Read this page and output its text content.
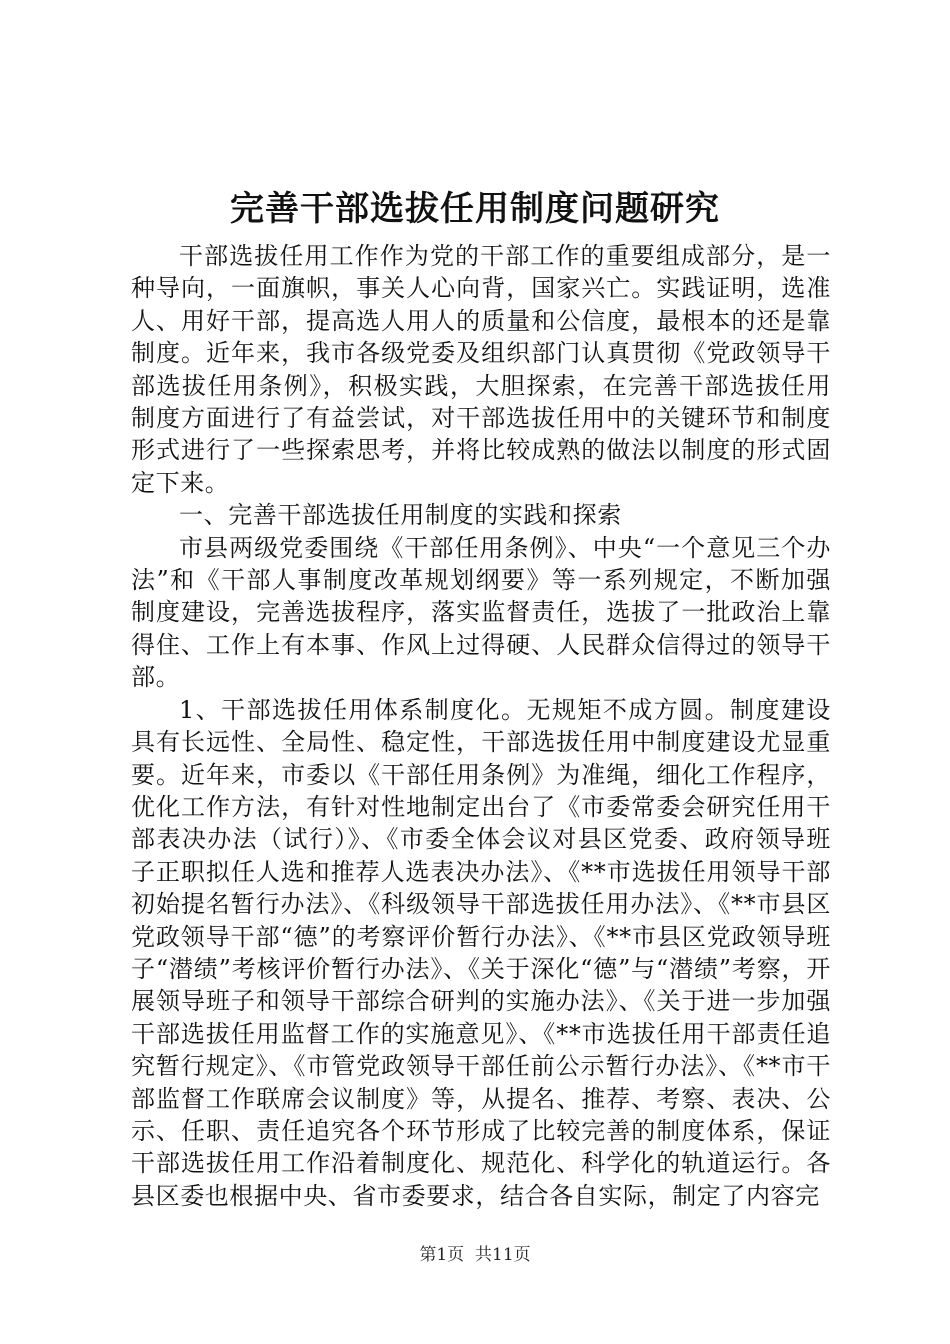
完善干部选拔任用制度问题研究

干部选拔任用工作作为党的干部工作的重要组成部分，是一种导向，一面旗帜，事关人心向背，国家兴亡。实践证明，选准人、用好干部，提高选人用人的质量和公信度，最根本的还是靠制度。近年来，我市各级党委及组织部门认真贯彻《党政领导干部选拔任用条例》，积极实践，大胆探索，在完善干部选拔任用制度方面进行了有益尝试，对干部选拔任用中的关键环节和制度形式进行了一些探索思考，并将比较成熟的做法以制度的形式固定下来。

一、完善干部选拔任用制度的实践和探索

市县两级党委围绕《干部任用条例》、中央“一个意见三个办法”和《干部人事制度改革规划纲要》等一系列规定，不断加强制度建设，完善选拔程序，落实监督责任，选拔了一批政治上靠得住、工作上有本事、作风上过得硬、人民群众信得过的领导干部。

1、干部选拔任用体系制度化。无规矩不成方圆。制度建设具有长远性、全局性、稳定性，干部选拔任用中制度建设尤显重要。近年来，市委以《干部任用条例》为准绳，细化工作程序，优化工作方法，有针对性地制定出台了《市委常委会研究任用干部表决办法（试行）》、《市委全体会议对县区党委、政府领导班子正职拟任人选和推荐人选表决办法》、《**市选拔任用领导干部初始提名暂行办法》、《科级领导干部选拔任用办法》、《**市县区党政领导干部“德”的考察评价暂行办法》、《**市县区党政领导班子“潜绩”考核评价暂行办法》、《关于深化“德”与“潜绩”考察，开展领导班子和领导干部综合研判的实施办法》、《关于进一步加强干部选拔任用监督工作的实施意见》、《**市选拔任用干部责任追究暂行规定》、《市管党政领导干部任前公示暂行办法》、《**市干部监督工作联席会议制度》等，从提名、推荐、考察、表决、公示、任职、责任追究各个环节形成了比较完善的制度体系，保证干部选拔任用工作沿着制度化、规范化、科学化的轨道运行。各县区委也根据中央、省市委要求，结合各自实际，制定了内容完

第1页 共11页
